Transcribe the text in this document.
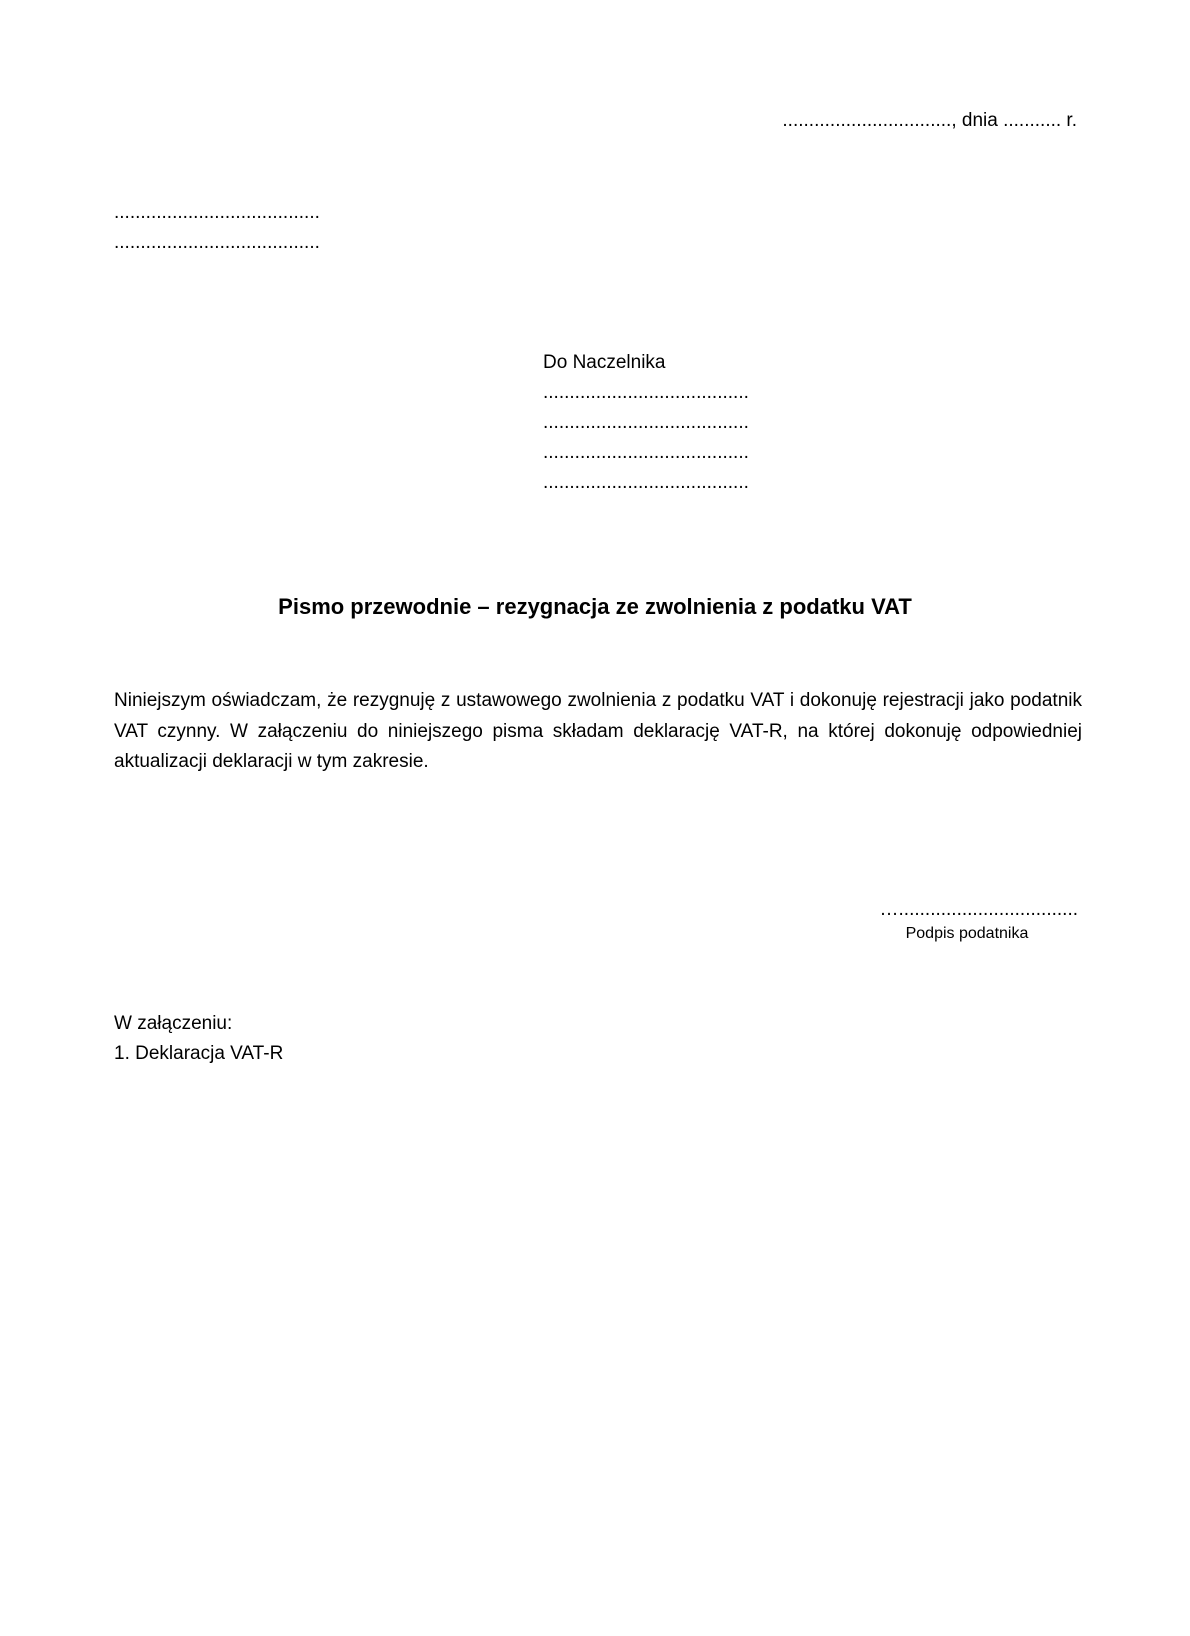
................................, dnia ........... r.
.......................................
.......................................
Do Naczelnika
.......................................
.......................................
.......................................
.......................................
Pismo przewodnie – rezygnacja ze zwolnienia z podatku VAT
Niniejszym oświadczam, że rezygnuję z ustawowego zwolnienia z podatku VAT i dokonuję rejestracji jako podatnik VAT czynny. W załączeniu do niniejszego pisma składam deklarację VAT-R, na której dokonuję odpowiedniej aktualizacji deklaracji w tym zakresie.
…..................................
Podpis podatnika
W załączeniu:
1. Deklaracja VAT-R
